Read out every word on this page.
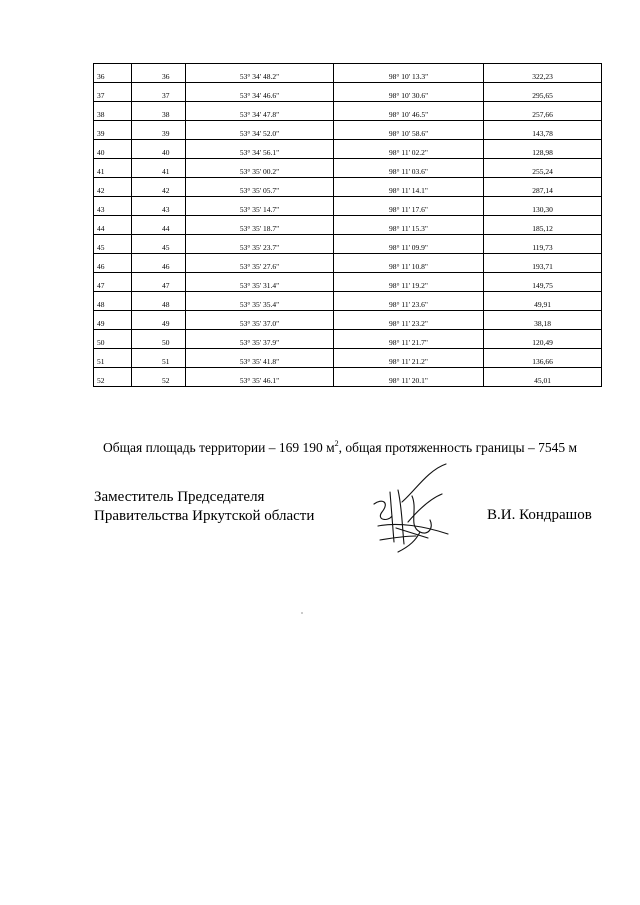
36	36	53° 34' 48.2"	98° 10' 13.3"	322,23
37	37	53° 34' 46.6"	98° 10' 30.6"	295,65
38	38	53° 34' 47.8"	98° 10' 46.5"	257,66
39	39	53° 34' 52.0"	98° 10' 58.6"	143,78
40	40	53° 34' 56.1"	98° 11' 02.2"	128,98
41	41	53° 35' 00.2"	98° 11' 03.6"	255,24
42	42	53° 35' 05.7"	98° 11' 14.1"	287,14
43	43	53° 35' 14.7"	98° 11' 17.6"	130,30
44	44	53° 35' 18.7"	98° 11' 15.3"	185,12
45	45	53° 35' 23.7"	98° 11' 09.9"	119,73
46	46	53° 35' 27.6"	98° 11' 10.8"	193,71
47	47	53° 35' 31.4"	98° 11' 19.2"	149,75
48	48	53° 35' 35.4"	98° 11' 23.6"	49,91
49	49	53° 35' 37.0"	98° 11' 23.2"	38,18
50	50	53° 35' 37.9"	98° 11' 21.7"	120,49
51	51	53° 35' 41.8"	98° 11' 21.2"	136,66
52	52	53° 35' 46.1"	98° 11' 20.1"	45,01
Общая площадь территории – 169 190 $м^2$, общая протяженность границы – 7545 м
Заместитель Председателя
Правительства Иркутской области	В.И. Кондрашов
